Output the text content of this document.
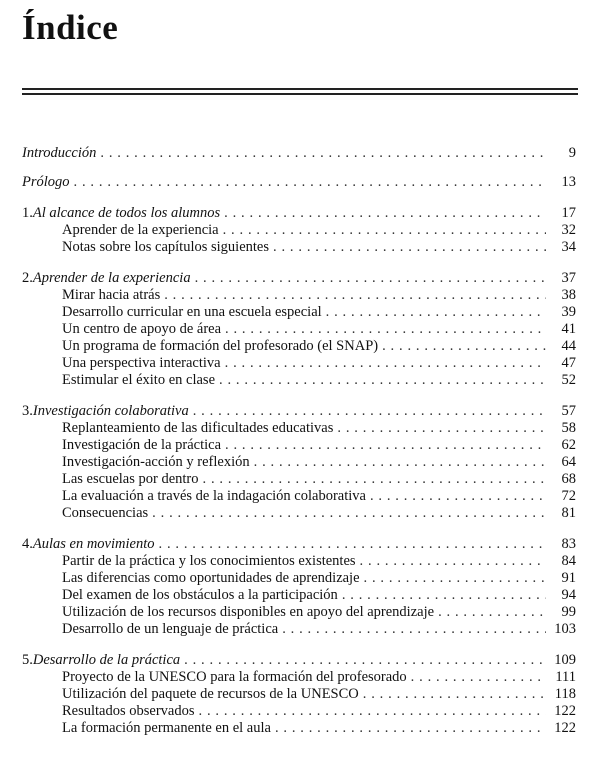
Índice
Introducción . . .	9
Prólogo . . .	13
1. Al alcance de todos los alumnos . . .	17
Aprender de la experiencia . . .	32
Notas sobre los capítulos siguientes . . .	34
2. Aprender de la experiencia . . .	37
Mirar hacia atrás . . .	38
Desarrollo curricular en una escuela especial . . .	39
Un centro de apoyo de área . . .	41
Un programa de formación del profesorado (el SNAP) . . .	44
Una perspectiva interactiva . . .	47
Estimular el éxito en clase . . .	52
3. Investigación colaborativa . . .	57
Replanteamiento de las dificultades educativas . . .	58
Investigación de la práctica . . .	62
Investigación-acción y reflexión . . .	64
Las escuelas por dentro . . .	68
La evaluación a través de la indagación colaborativa . . .	72
Consecuencias . . .	81
4. Aulas en movimiento . . .	83
Partir de la práctica y los conocimientos existentes . . .	84
Las diferencias como oportunidades de aprendizaje . . .	91
Del examen de los obstáculos a la participación . . .	94
Utilización de los recursos disponibles en apoyo del aprendizaje . . .	99
Desarrollo de un lenguaje de práctica . . .	103
5. Desarrollo de la práctica . . .	109
Proyecto de la UNESCO para la formación del profesorado . . .	111
Utilización del paquete de recursos de la UNESCO . . .	118
Resultados observados . . .	122
La formación permanente en el aula . . .	122
